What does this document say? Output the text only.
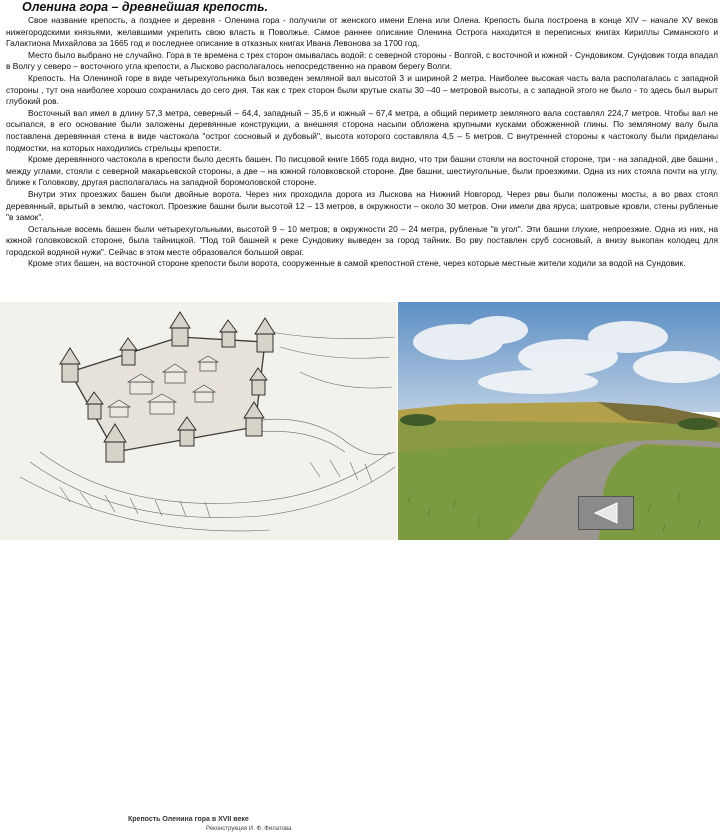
Оленина гора – древнейшая крепость.

Свое название крепость, а позднее и деревня - Оленина гора - получили от женского имени Елена или Олена. Крепость была построена в конце XIV – начале XV веков нижегородскими князьями, желавшими укрепить свою власть в Поволжье. Самое раннее описание Оленина Острога находится в переписных книгах Кириллы Симанского и Галактиона Михайлова за 1665 год и последнее описание в отказных книгах Ивана Левонова за 1700 год.

Место было выбрано не случайно. Гора в те времена с трех сторон омывалась водой: с северной стороны - Волгой, с восточной и южной - Сундовиком. Сундовик тогда впадал в Волгу у северо – восточного угла крепости, а Лысково располагалось непосредственно на правом берегу Волги.

Крепость. На Олениной горе в виде четырехугольника был возведен земляной вал высотой 3 и шириной 2 метра. Наиболее высокая часть вала располагалась с западной стороны , тут она наиболее хорошо сохранилась до сего дня. Так как с трех сторон были крутые скаты 30 –40 – метровой высоты, а с западной этого не было - то здесь был вырыт глубокий ров.

Восточный вал имел в длину 57,3 метра, северный – 64,4, западный – 35,6 и южный – 67,4 метра, а общий периметр земляного вала составлял 224,7 метров. Чтобы вал не осыпался, в его основание были заложены деревянные конструкции, а внешняя сторона насыпи обложена крупными кусками обожженной глины. По земляному валу была поставлена деревянная стена в виде частокола "острог сосновый и дубовый", высота которого составляла 4,5 – 5 метров. С внутренней стороны к частоколу были приделаны подмостки, на которых находились стрельцы крепости.

Кроме деревянного частокола в крепости было десять башен. По писцовой книге 1665 года видно, что три башни стояли на восточной стороне, три - на западной, две башни , между углами, стояли с северной макарьевской стороны, а две – на южной головковской стороне. Две башни, шестиугольные, были проезжими. Одна из них стояла почти на углу, ближе к Головкову, другая располагалась на западной боромоловской стороне.

Внутри этих проезжих башен были двойные ворота. Через них проходила дорога из Лыскова на Нижний Новгород. Через рвы были положены мосты, а во рвах стоял деревянный, врытый в землю, частокол. Проезжие башни были высотой 12 – 13 метров, в окружности – около 30 метров. Они имели два яруса; шатровые кровли, стены рубленые "в замок".

Остальные восемь башен были четырехугольными, высотой 9 – 10 метров; в окружности 20 – 24 метра, рубленые "в угол". Эти башни глухие, непроезжие. Одна из них, на южной головковской стороне, была тайницкой. "Под той башней к реке Сундовику выведен за город тайник. Во рву поставлен сруб сосновый, а внизу выкопан колодец для городской водяной нужи". Сейчас в этом месте образовался большой овраг.

Кроме этих башен, на восточной стороне крепости были ворота, сооруженные в самой крепостной стене, через которые местные жители ходили за водой на Сундовик.

Крепость Оленина гора в XVII веке
Реконструкция И. Ф. Филатова
